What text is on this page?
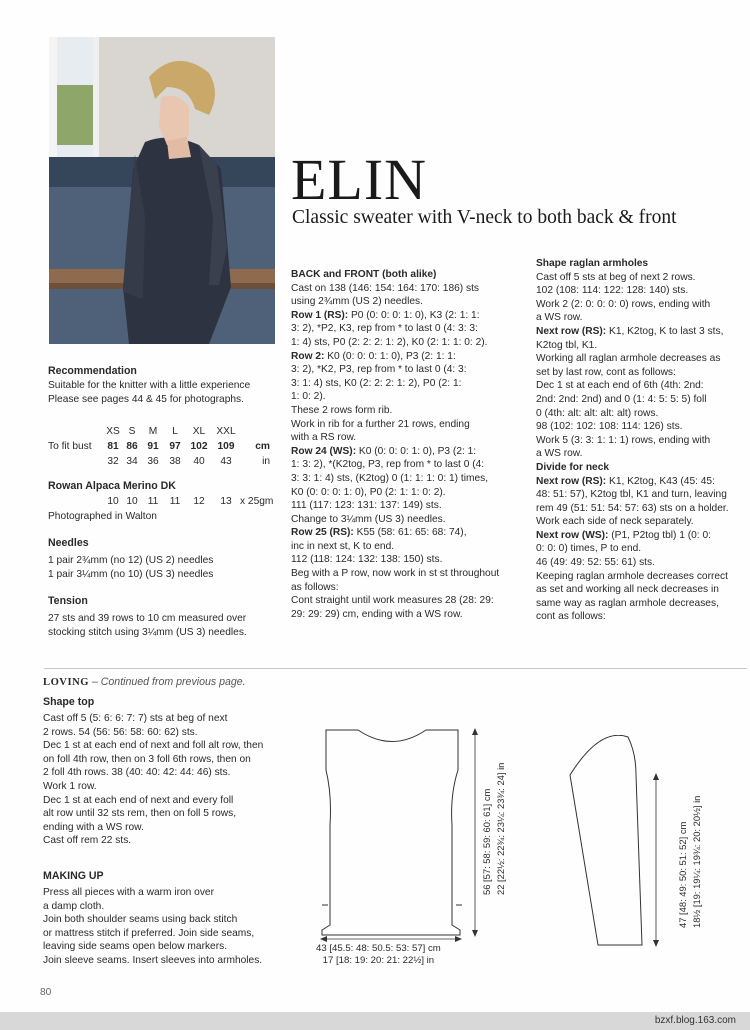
ELIN
Classic sweater with V-neck to both back & front
Recommendation
Suitable for the knitter with a little experience
Please see pages 44 & 45 for photographs.
	XS	S	M	L	XL	XXL	
To fit bust	81	86	91	97	102	109	cm
	32	34	36	38	40	43	in
Rowan Alpaca Merino DK
	10	10	11	11	12	13	x 25gm
Photographed in Walton
Needles
1 pair 2¾mm (no 12) (US 2) needles
1 pair 3¼mm (no 10) (US 3) needles
Tension
27 sts and 39 rows to 10 cm measured over
stocking stitch using 3¼mm (US 3) needles.
BACK and FRONT (both alike)
Cast on 138 (146: 154: 164: 170: 186) sts
using 2¾mm (US 2) needles.
Row 1 (RS): P0 (0: 0: 0: 1: 0), K3 (2: 1: 1:
3: 2), *P2, K3, rep from * to last 0 (4: 3: 3:
1: 4) sts, P0 (2: 2: 2: 1: 2), K0 (2: 1: 1: 0: 2).
Row 2: K0 (0: 0: 0: 1: 0), P3 (2: 1: 1:
3: 2), *K2, P3, rep from * to last 0 (4: 3:
3: 1: 4) sts, K0 (2: 2: 2: 1: 2), P0 (2: 1:
1: 0: 2).
These 2 rows form rib.
Work in rib for a further 21 rows, ending
with a RS row.
Row 24 (WS): K0 (0: 0: 0: 1: 0), P3 (2: 1:
1: 3: 2), *(K2tog, P3, rep from * to last 0 (4:
3: 3: 1: 4) sts, (K2tog) 0 (1: 1: 1: 0: 1) times,
K0 (0: 0: 0: 1: 0), P0 (2: 1: 1: 0: 2).
111 (117: 123: 131: 137: 149) sts.
Change to 3¼mm (US 3) needles.
Row 25 (RS): K55 (58: 61: 65: 68: 74),
inc in next st, K to end.
112 (118: 124: 132: 138: 150) sts.
Beg with a P row, now work in st st throughout
as follows:
Cont straight until work measures 28 (28: 29:
29: 29: 29) cm, ending with a WS row.
Shape raglan armholes
Cast off 5 sts at beg of next 2 rows.
102 (108: 114: 122: 128: 140) sts.
Work 2 (2: 0: 0: 0: 0) rows, ending with
a WS row.
Next row (RS): K1, K2tog, K to last 3 sts,
K2tog tbl, K1.
Working all raglan armhole decreases as
set by last row, cont as follows:
Dec 1 st at each end of 6th (4th: 2nd:
2nd: 2nd: 2nd) and 0 (1: 4: 5: 5: 5) foll
0 (4th: alt: alt: alt: alt) rows.
98 (102: 102: 108: 114: 126) sts.
Work 5 (3: 3: 1: 1: 1) rows, ending with
a WS row.
Divide for neck
Next row (RS): K1, K2tog, K43 (45: 45:
48: 51: 57), K2tog tbl, K1 and turn, leaving
rem 49 (51: 51: 54: 57: 63) sts on a holder.
Work each side of neck separately.
Next row (WS): (P1, P2tog tbl) 1 (0: 0:
0: 0: 0) times, P to end.
46 (49: 49: 52: 55: 61) sts.
Keeping raglan armhole decreases correct
as set and working all neck decreases in
same way as raglan armhole decreases,
cont as follows:
LOVING – Continued from previous page.
Shape top
Cast off 5 (5: 6: 6: 7: 7) sts at beg of next
2 rows. 54 (56: 56: 58: 60: 62) sts.
Dec 1 st at each end of next and foll alt row, then
on foll 4th row, then on 3 foll 6th rows, then on
2 foll 4th rows. 38 (40: 40: 42: 44: 46) sts.
Work 1 row.
Dec 1 st at each end of next and every foll
alt row until 32 sts rem, then on foll 5 rows,
ending with a WS row.
Cast off rem 22 sts.
MAKING UP
Press all pieces with a warm iron over
a damp cloth.
Join both shoulder seams using back stitch
or mattress stitch if preferred. Join side seams,
leaving side seams open below markers.
Join sleeve seams. Insert sleeves into armholes.
56 [57: 58: 59: 60: 61] cm 22 [22½: 22¾: 23¼: 23¾: 24] in
43 [45.5: 48: 50.5: 53: 57] cm
17 [18: 19: 20: 21: 22½] in
47 [48: 49: 50: 51: 52] cm 18½ [19: 19¼: 19¾: 20: 20½] in
80
bzxf.blog.163.com
